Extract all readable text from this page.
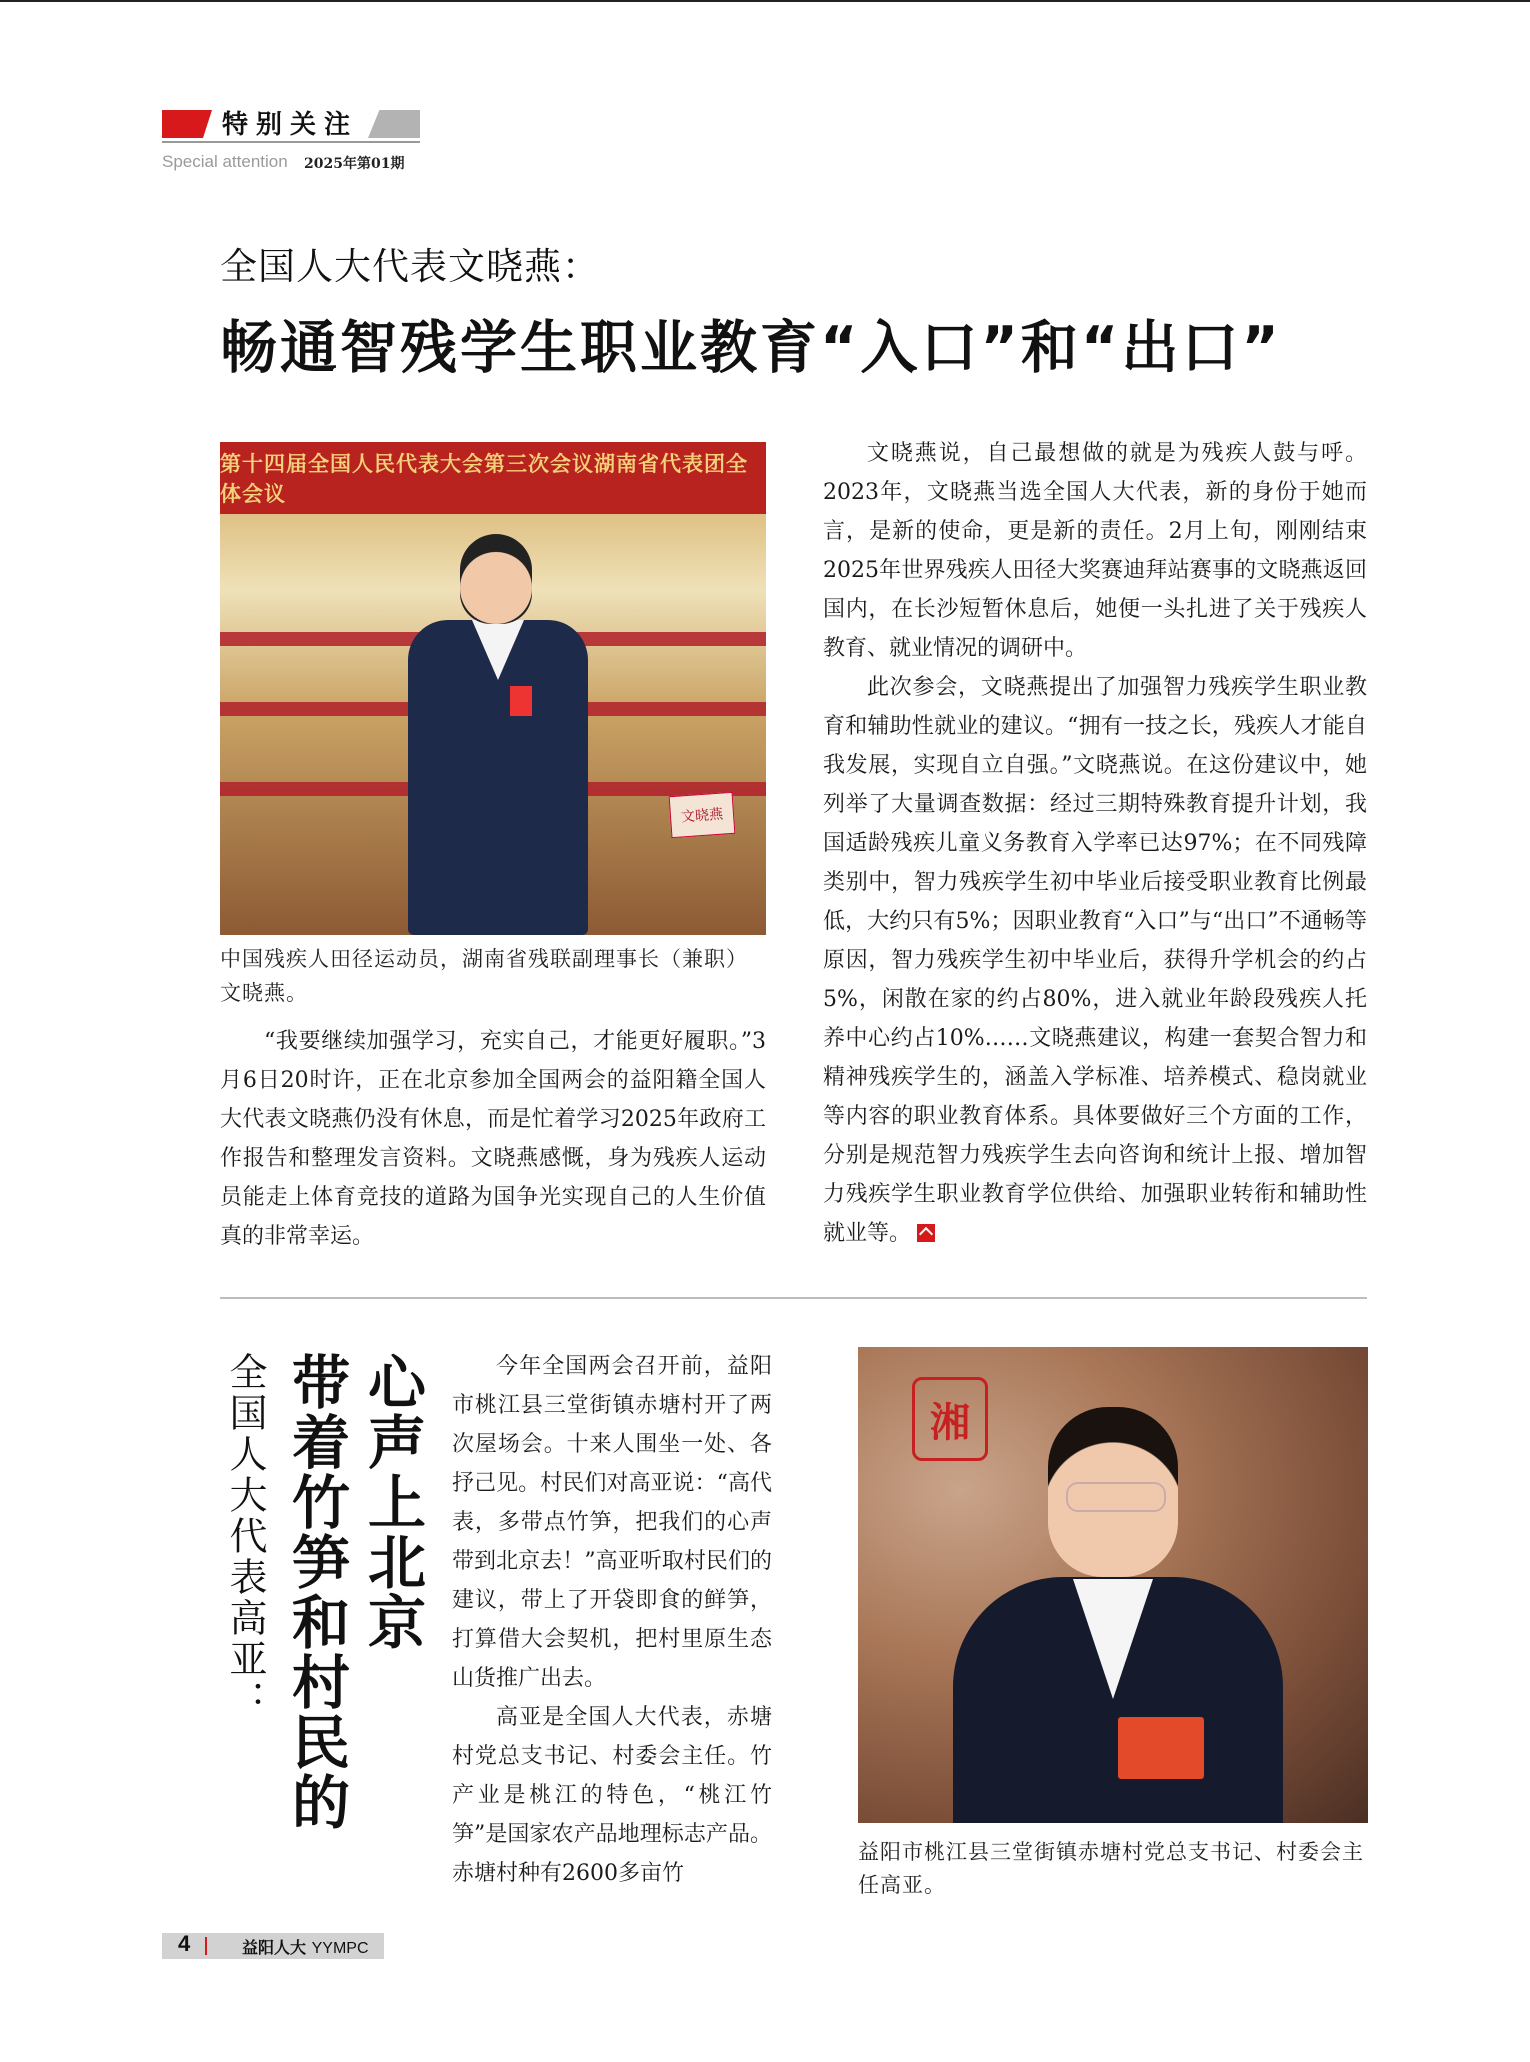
特别关注
Special attention 2025年第01期
全国人大代表文晓燕：
畅通智残学生职业教育“入口”和“出口”
第十四届全国人民代表大会第三次会议湖南省代表团全体会议
文晓燕
中国残疾人田径运动员，湖南省残联副理事长（兼职）文晓燕。

“我要继续加强学习，充实自己，才能更好履职。”3月6日20时许，正在北京参加全国两会的益阳籍全国人大代表文晓燕仍没有休息，而是忙着学习2025年政府工作报告和整理发言资料。文晓燕感慨，身为残疾人运动员能走上体育竞技的道路为国争光实现自己的人生价值真的非常幸运。

文晓燕说，自己最想做的就是为残疾人鼓与呼。2023年，文晓燕当选全国人大代表，新的身份于她而言，是新的使命，更是新的责任。2月上旬，刚刚结束2025年世界残疾人田径大奖赛迪拜站赛事的文晓燕返回国内，在长沙短暂休息后，她便一头扎进了关于残疾人教育、就业情况的调研中。

此次参会，文晓燕提出了加强智力残疾学生职业教育和辅助性就业的建议。“拥有一技之长，残疾人才能自我发展，实现自立自强。”文晓燕说。在这份建议中，她列举了大量调查数据：经过三期特殊教育提升计划，我国适龄残疾儿童义务教育入学率已达97%；在不同残障类别中，智力残疾学生初中毕业后接受职业教育比例最低，大约只有5%；因职业教育“入口”与“出口”不通畅等原因，智力残疾学生初中毕业后，获得升学机会的约占5%，闲散在家的约占80%，进入就业年龄段残疾人托养中心约占10%……文晓燕建议，构建一套契合智力和精神残疾学生的，涵盖入学标准、培养模式、稳岗就业等内容的职业教育体系。具体要做好三个方面的工作，分别是规范智力残疾学生去向咨询和统计上报、增加智力残疾学生职业教育学位供给、加强职业转衔和辅助性就业等。

心声上北京
带着竹笋和村民的
全国人大代表高亚：	今年全国两会召开前，益阳市桃江县三堂街镇赤塘村开了两次屋场会。十来人围坐一处、各抒己见。村民们对高亚说：“高代表，多带点竹笋，把我们的心声带到北京去！”高亚听取村民们的建议，带上了开袋即食的鲜笋，打算借大会契机，把村里原生态山货推广出去。

高亚是全国人大代表，赤塘村党总支书记、村委会主任。竹产业是桃江的特色，“桃江竹笋”是国家农产品地理标志产品。赤塘村种有2600多亩竹

湘
益阳市桃江县三堂街镇赤塘村党总支书记、村委会主任高亚。
4	益阳人大 YYMPC
